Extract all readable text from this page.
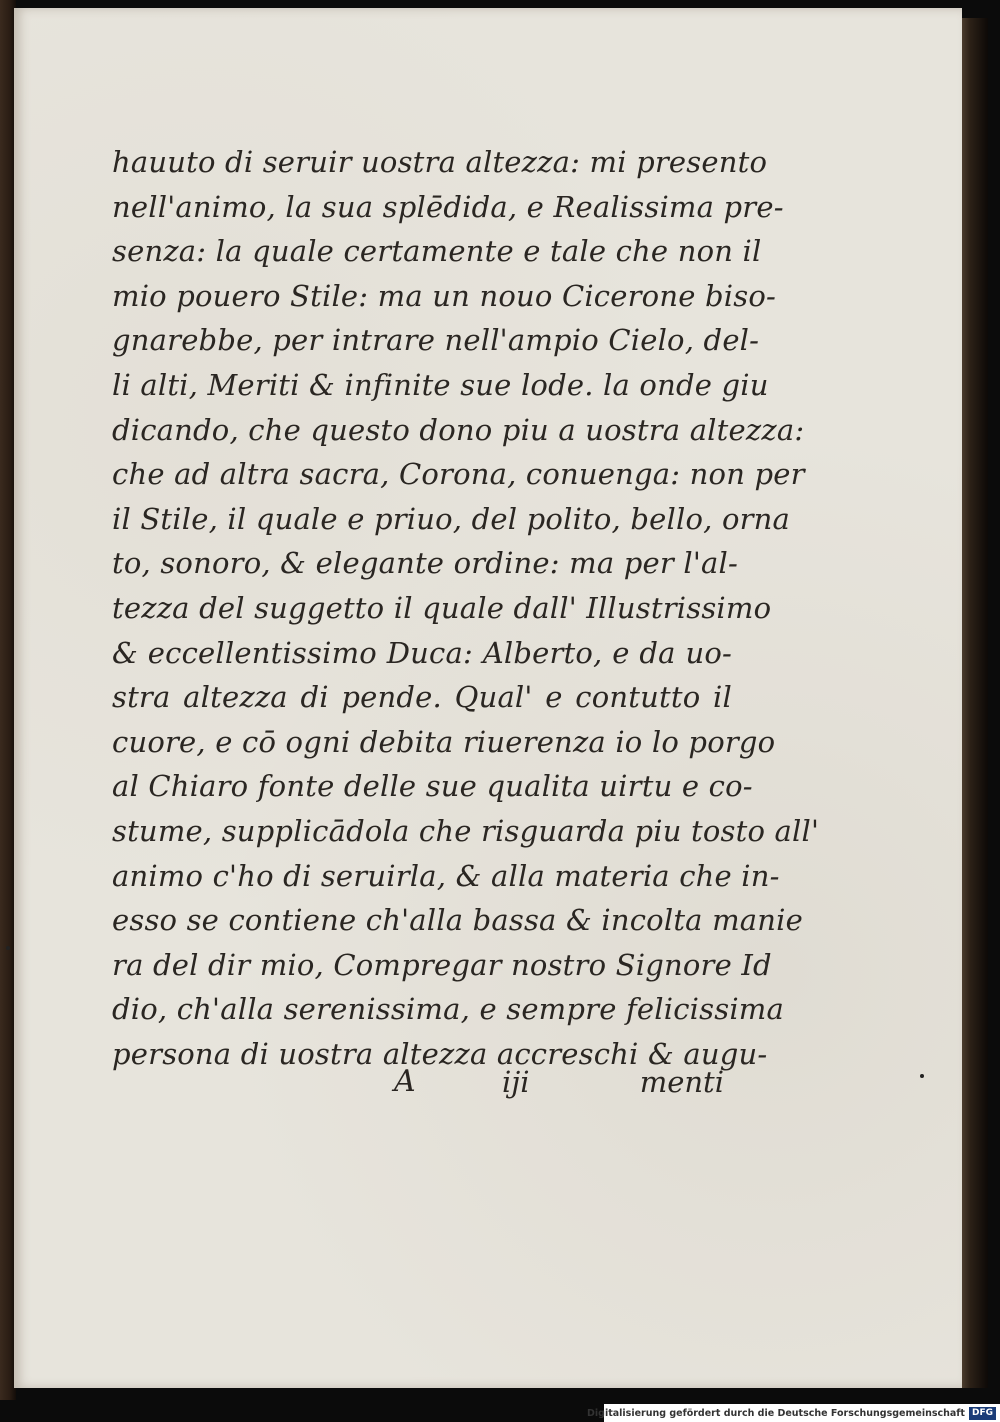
hauuto di seruir uostra altezza: mi presento
nell'animo, la sua splēdida, e Realissima pre-
senza: la quale certamente e tale che non il
mio pouero Stile: ma un nouo Cicerone biso-
gnarebbe, per intrare nell'ampio Cielo, del-
li alti, Meriti & infinite sue lode. la onde giu
dicando, che questo dono piu a uostra altezza:
che ad altra sacra, Corona, conuenga: non per
il Stile, il quale e priuo, del polito, bello, orna
to, sonoro, & elegante ordine: ma per l'al-
tezza del suggetto il quale dall' Illustrissimo
& eccellentissimo Duca: Alberto, e da uo-
stra altezza di pende. Qual' e contutto il
cuore, e cō ogni debita riuerenza io lo porgo
al Chiaro fonte delle sue qualita uirtu e co-
stume, supplicādola che risguarda piu tosto all'
animo c'ho di seruirla, & alla materia che in-
esso se contiene ch'alla bassa & incolta manie
ra del dir mio, Compregar nostro Signore Id
dio, ch'alla serenissima, e sempre felicissima
persona di uostra altezza accreschi & augu-
A	iji	menti
Digitalisierung gefördert durch die Deutsche Forschungsgemeinschaft DFG
